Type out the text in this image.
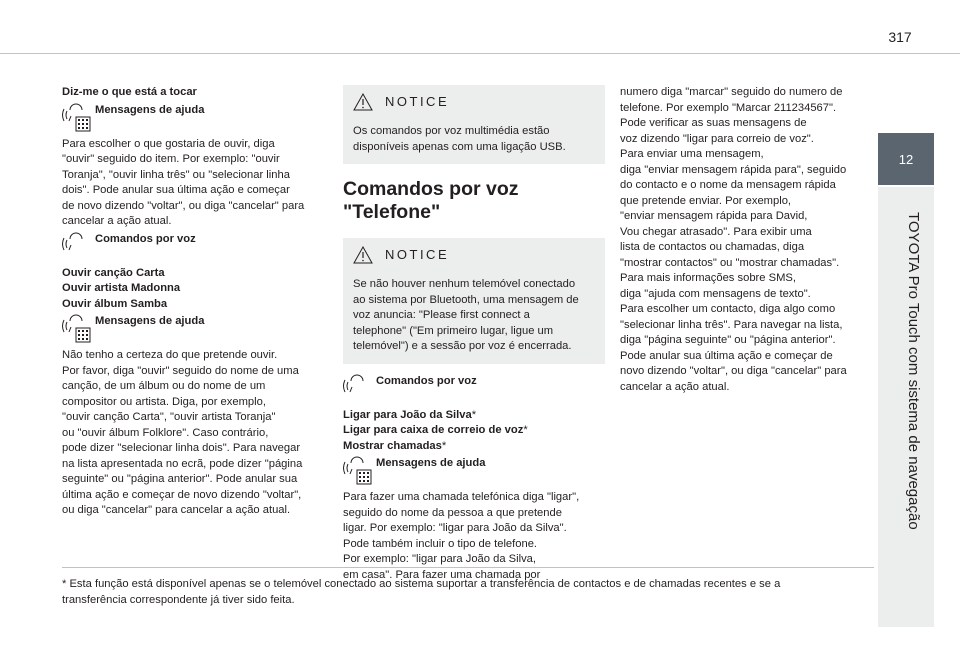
317
12
TOYOTA Pro Touch com sistema de navegação

Diz-me o que está a tocar

Mensagens de ajuda

Para escolher o que gostaria de ouvir, diga

"ouvir" seguido do item. Por exemplo: "ouvir

Toranja", "ouvir linha três" ou "selecionar linha

dois". Pode anular sua última ação e começar

de novo dizendo "voltar", ou diga "cancelar" para

cancelar a ação atual.

Comandos por voz

Ouvir canção Carta

Ouvir artista Madonna

Ouvir álbum Samba

Mensagens de ajuda

Não tenho a certeza do que pretende ouvir.

Por favor, diga "ouvir" seguido do nome de uma

canção, de um álbum ou do nome de um

compositor ou artista. Diga, por exemplo,

"ouvir canção Carta", "ouvir artista Toranja"

ou "ouvir álbum Folklore". Caso contrário,

pode dizer "selecionar linha dois". Para navegar

na lista apresentada no ecrã, pode dizer "página

seguinte" ou "página anterior". Pode anular sua

última ação e começar de novo dizendo "voltar",

ou diga "cancelar" para cancelar a ação atual.

NOTICE

Os comandos por voz multimédia estão

disponíveis apenas com uma ligação USB.

Comandos por voz
"Telefone"
NOTICE

Se não houver nenhum telemóvel conectado

ao sistema por Bluetooth, uma mensagem de

voz anuncia: "Please first connect a

telephone" ("Em primeiro lugar, ligue um

telemóvel") e a sessão por voz é encerrada.

Comandos por voz

Ligar para João da Silva*

Ligar para caixa de correio de voz*

Mostrar chamadas*

Mensagens de ajuda

Para fazer uma chamada telefónica diga "ligar",

seguido do nome da pessoa a que pretende

ligar. Por exemplo: "ligar para João da Silva".

Pode também incluir o tipo de telefone.

Por exemplo: "ligar para João da Silva,

em casa". Para fazer uma chamada por

numero diga "marcar" seguido do numero de

telefone. Por exemplo "Marcar 211234567".

Pode verificar as suas mensagens de

voz dizendo "ligar para correio de voz".

Para enviar uma mensagem,

diga "enviar mensagem rápida para", seguido

do contacto e o nome da mensagem rápida

que pretende enviar. Por exemplo,

"enviar mensagem rápida para David,

Vou chegar atrasado". Para exibir uma

lista de contactos ou chamadas, diga

"mostrar contactos" ou "mostrar chamadas".

Para mais informações sobre SMS,

diga "ajuda com mensagens de texto".

Para escolher um contacto, diga algo como

"selecionar linha três". Para navegar na lista,

diga "página seguinte" ou "página anterior".

Pode anular sua última ação e começar de

novo dizendo "voltar", ou diga "cancelar" para

cancelar a ação atual.

* Esta função está disponível apenas se o telemóvel conectado ao sistema suportar a transferência de contactos e de chamadas recentes e se a
transferência correspondente já tiver sido feita.
